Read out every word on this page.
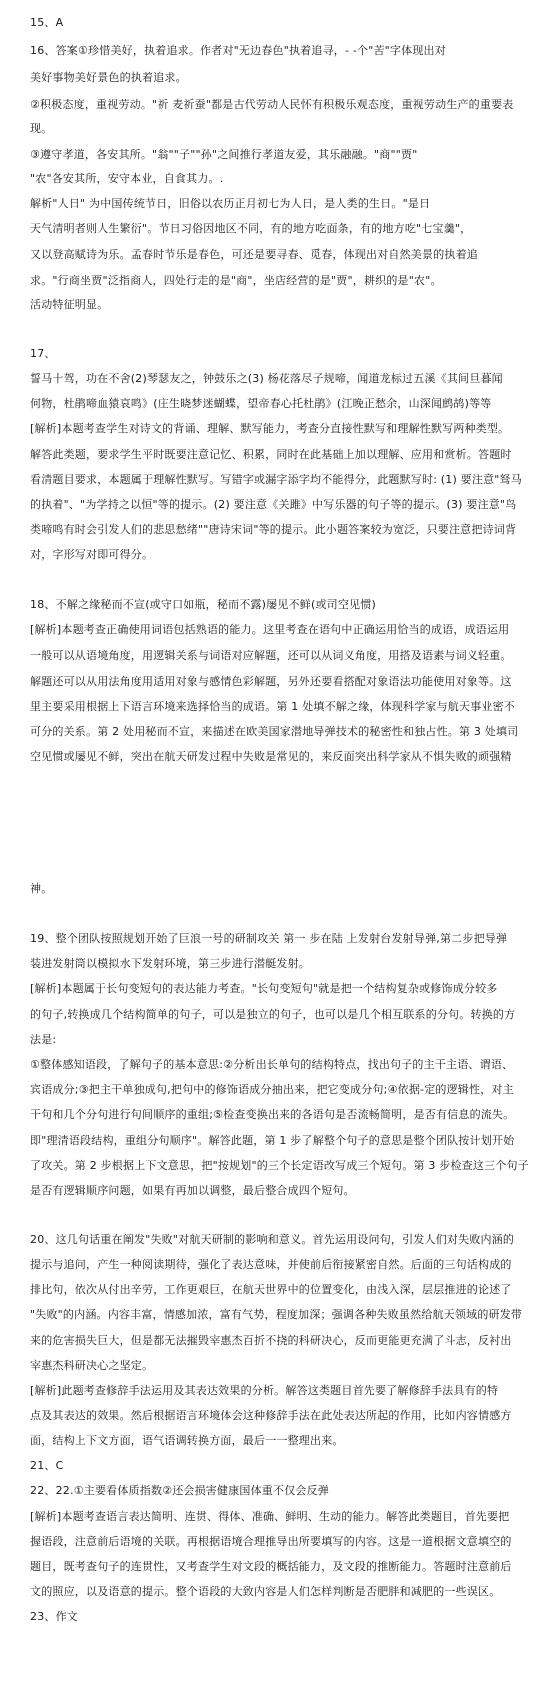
15、A
16、答案①珍惜美好，执着追求。作者对"无边春色"执着追寻，- -个"苦"字体现出对
美好事物美好景色的执着追求。
②积极态度，重视劳动。"祈 麦祈蚕"都是古代劳动人民怀有积极乐观态度，重视劳动生产的重要表
现。
③遵守孝道，各安其所。"翁""子""孙"之间推行孝道友爱，其乐融融。"商""贾"
"农"各安其所，安守本业，自食其力。.
解析"人日" 为中国传统节日，旧俗以农历正月初七为人日，是人类的生日。"是日
天气清明者则人生繁衍"。节日习俗因地区不同，有的地方吃面条，有的地方吃"七宝羹"，
又以登高赋诗为乐。孟春时节乐是春色，可还是要寻春、觅春，体现出对自然美景的执着追
求。"行商坐贾"泛指商人，四处行走的是"商"，坐店经营的是"贾"，耕织的是"农"。
活动特征明显。
17、
誓马十驾，功在不舍(2)琴瑟友之，钟鼓乐之(3) 杨花落尽子规啼，闻道龙标过五溪《其间旦暮闻
何物，杜鹃啼血猿哀鸣》(庄生晓梦迷蝴蝶，望帝春心托杜鹃》(江晚正愁余，山深闻鹧鸪)等等
[解析]本题考查学生对诗文的背诵、理解、默写能力，考查分直接性默写和理解性默写两种类型。
解答此类题，要求学生平时既要注意记忆、积累，同时在此基础上加以理解、应用和赏析。答题时
看清题目要求，本题属于理解性默写。写错字或漏字添字均不能得分，此题默写时: (1) 要注意"驽马
的执着"、"为学持之以恒"等的提示。(2) 要注意《关雎》中写乐器的句子等的提示。(3) 要注意"鸟
类啼鸣有时会引发人们的悲思愁绪""唐诗宋词"等的提示。此小题答案较为宽泛，只要注意把诗词背
对，字形写对即可得分。
18、不解之缘秘而不宣(或守口如瓶，秘而不露)屡见不鲜(或司空见惯)
[解析]本题考查正确使用词语包括熟语的能力。这里考查在语句中正确运用恰当的成语，成语运用
一般可以从语境角度，用逻辑关系与词语对应解题，还可以从词义角度，用搭及语素与词义轻重。
解题还可以从用法角度用适用对象与感情色彩解题，另外还要看搭配对象语法功能使用对象等。这
里主要采用根据上下语言环境来选择恰当的成语。第 1 处填不解之缘，体现科学家与航天事业密不
可分的关系。第 2 处用秘而不宣，来描述在欧美国家潜地导弹技术的秘密性和独占性。第 3 处填司
空见惯或屡见不鲜，突出在航天研发过程中失败是常见的，来反面突出科学家从不惧失败的顽强精
神。
19、整个团队按照规划开始了巨浪一号的研制攻关 第一 步在陆 上发射台发射导弹,第二步把导弹
装进发射筒以模拟水下发射环境，第三步进行潜艇发射。
[解析]本题属于长句变短句的表达能力考查。"长句变短句"就是把一个结构复杂或修饰成分较多
的句子,转换成几个结构简单的句子，可以是独立的句子，也可以是几个相互联系的分句。转换的方
法是:
①整体感知语段，了解句子的基本意思:②分析出长单句的结构特点，找出句子的主干主语、谓语、
宾语成分;③把主干单独成句,把句中的修饰语成分抽出来，把它变成分句;④依据-定的逻辑性，对主
干句和几个分句进行句间顺序的重组;⑤检查变换出来的各语句是否流畅简明，是否有信息的流失。
即"理清语段结构，重组分句顺序"。解答此题，第 1 步了解整个句子的意思是整个团队按计划开始
了攻关。第 2 步根据上下文意思，把"按规划"的三个长定语改写成三个短句。第 3 步检查这三个句子
是否有逻辑顺序问题，如果有再加以调整，最后整合成四个短句。
20、这几句话重在阐发"失败"对航天研制的影响和意义。首先运用设问句，引发人们对失败内涵的
提示与追问，产生一种阅读期待，强化了表达意味，并使前后衔接紧密自然。后面的三句话构成的
排比句，依次从付出辛劳，工作更艰巨，在航天世界中的位置变化，由浅入深，层层推进的论述了
"失败"的内涵。内容丰富，情感加浓，富有气势，程度加深；强调各种失败虽然给航天领域的研发带
来的危害损失巨大，但是都无法摧毁宰惠杰百折不挠的科研决心，反而更能更充满了斗志，反衬出
宰惠杰科研决心之坚定。
[解析]此题考查修辞手法运用及其表达效果的分析。解答这类题目首先要了解修辞手法具有的特
点及其表达的效果。然后根据语言环境体会这种修辞手法在此处表达所起的作用，比如内容情感方
面，结构上下文方面，语气语调转换方面，最后一一整理出来。
21、C
22、22.①主要看体质指数②还会损害健康国体重不仅会反弹
[解析]本题考查语言表达简明、连贯、得体、准确、鲜明、生动的能力。解答此类题目，首先要把
握语段，注意前后语境的关联。再根据语境合理推导出所要填写的内容。这是一道根据文意填空的
题目，既考查句子的连贯性，又考查学生对文段的概括能力，及文段的推断能力。答题时注意前后
文的照应，以及语意的提示。整个语段的大致内容是人们怎样判断是否肥胖和减肥的一些误区。
23、作文
